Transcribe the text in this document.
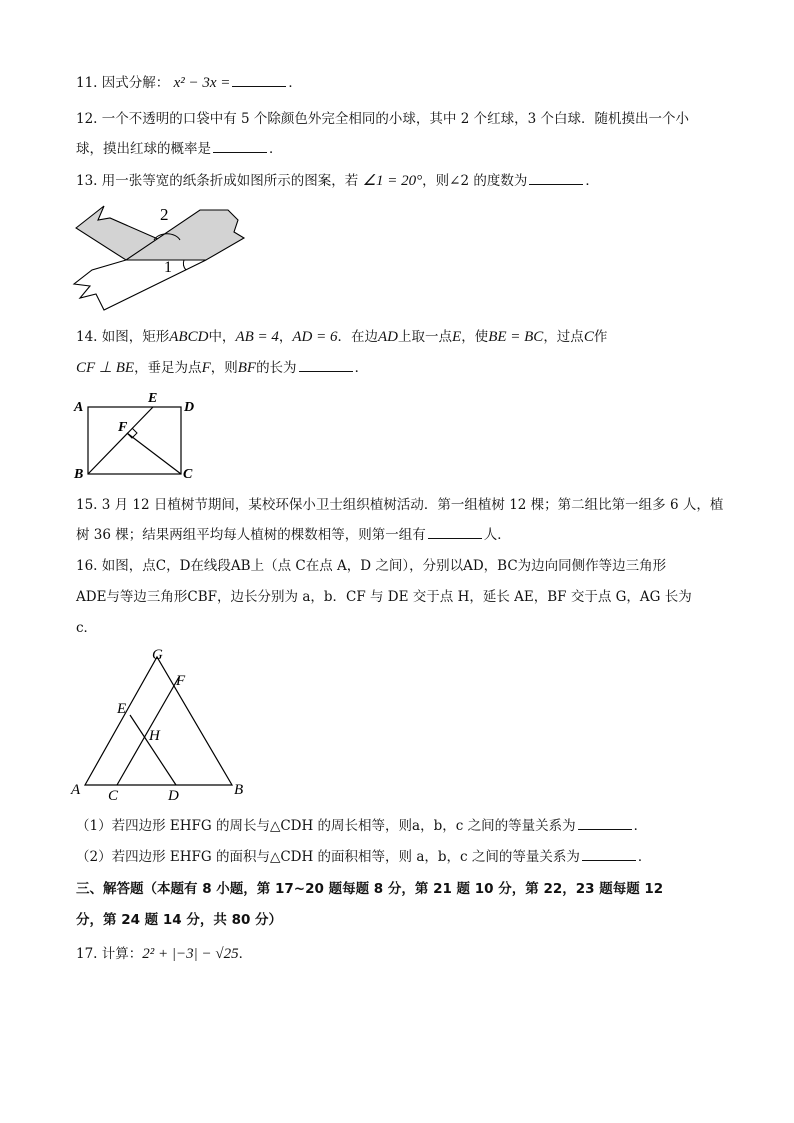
11. 因式分解： x² − 3x =	．
12. 一个不透明的口袋中有 5 个除颜色外完全相同的小球，其中 2 个红球，3 个白球．随机摸出一个小
球，摸出红球的概率是	．
13. 用一张等宽的纸条折成如图所示的图案，若 ∠1 = 20°，则∠2 的度数为	．
2
1
14. 如图，矩形ABCD中，AB = 4，AD = 6．在边AD上取一点E，使BE = BC，过点C作
CF ⊥ BE，垂足为点F，则BF的长为	．
A
E
D
F
B	C
15. 3 月 12 日植树节期间，某校环保小卫士组织植树活动．第一组植树 12 棵；第二组比第一组多 6 人，植
树 36 棵；结果两组平均每人植树的棵数相等，则第一组有	人．
16. 如图，点C，D在线段AB上（点 C在点 A，D 之间），分别以AD，BC为边向同侧作等边三角形
ADE与等边三角形CBF，边长分别为 a，b．CF 与 DE 交于点 H，延长 AE，BF 交于点 G，AG 长为
c．
G
F
E
H
A C	D	B
（1）若四边形 EHFG 的周长与△CDH 的周长相等，则a，b，c 之间的等量关系为	．
（2）若四边形 EHFG 的面积与△CDH 的面积相等，则 a，b，c 之间的等量关系为	．
三、解答题（本题有 8 小题，第 17~20 题每题 8 分，第 21 题 10 分，第 22，23 题每题 12
分，第 24 题 14 分，共 80 分）
17. 计算：2² + |−3| − √25．
